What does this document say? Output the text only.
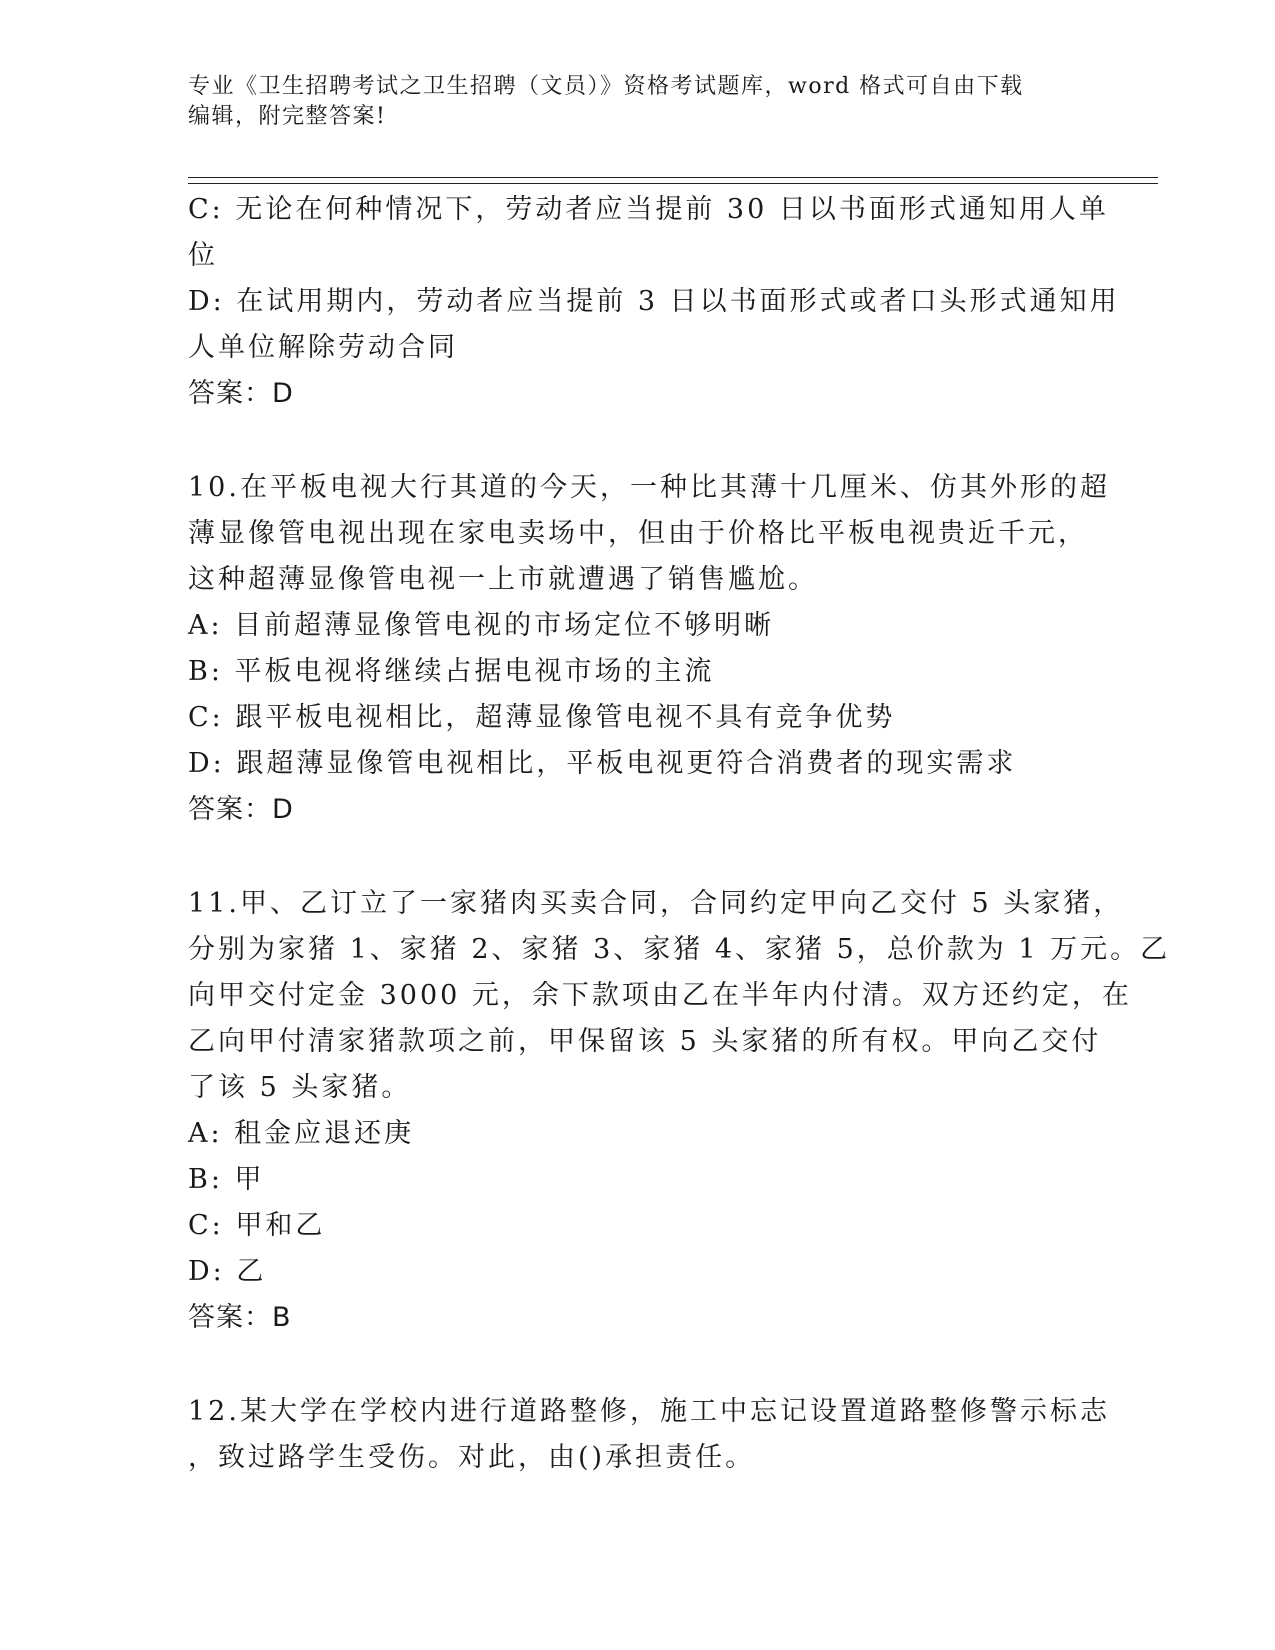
专业《卫生招聘考试之卫生招聘（文员）》资格考试题库，word 格式可自由下载
编辑，附完整答案!
C: 无论在何种情况下，劳动者应当提前 30 日以书面形式通知用人单
位
D: 在试用期内，劳动者应当提前 3 日以书面形式或者口头形式通知用
人单位解除劳动合同
答案：D
10.在平板电视大行其道的今天，一种比其薄十几厘米、仿其外形的超
薄显像管电视出现在家电卖场中，但由于价格比平板电视贵近千元，
这种超薄显像管电视一上市就遭遇了销售尴尬。
A: 目前超薄显像管电视的市场定位不够明晰
B: 平板电视将继续占据电视市场的主流
C: 跟平板电视相比，超薄显像管电视不具有竞争优势
D: 跟超薄显像管电视相比，平板电视更符合消费者的现实需求
答案：D
11.甲、乙订立了一家猪肉买卖合同，合同约定甲向乙交付 5 头家猪，
分别为家猪 1、家猪 2、家猪 3、家猪 4、家猪 5，总价款为 1 万元。乙
向甲交付定金 3000 元，余下款项由乙在半年内付清。双方还约定，在
乙向甲付清家猪款项之前，甲保留该 5 头家猪的所有权。甲向乙交付
了该 5 头家猪。
A: 租金应退还庚
B: 甲
C: 甲和乙
D: 乙
答案：B
12.某大学在学校内进行道路整修，施工中忘记设置道路整修警示标志
，致过路学生受伤。对此，由()承担责任。
